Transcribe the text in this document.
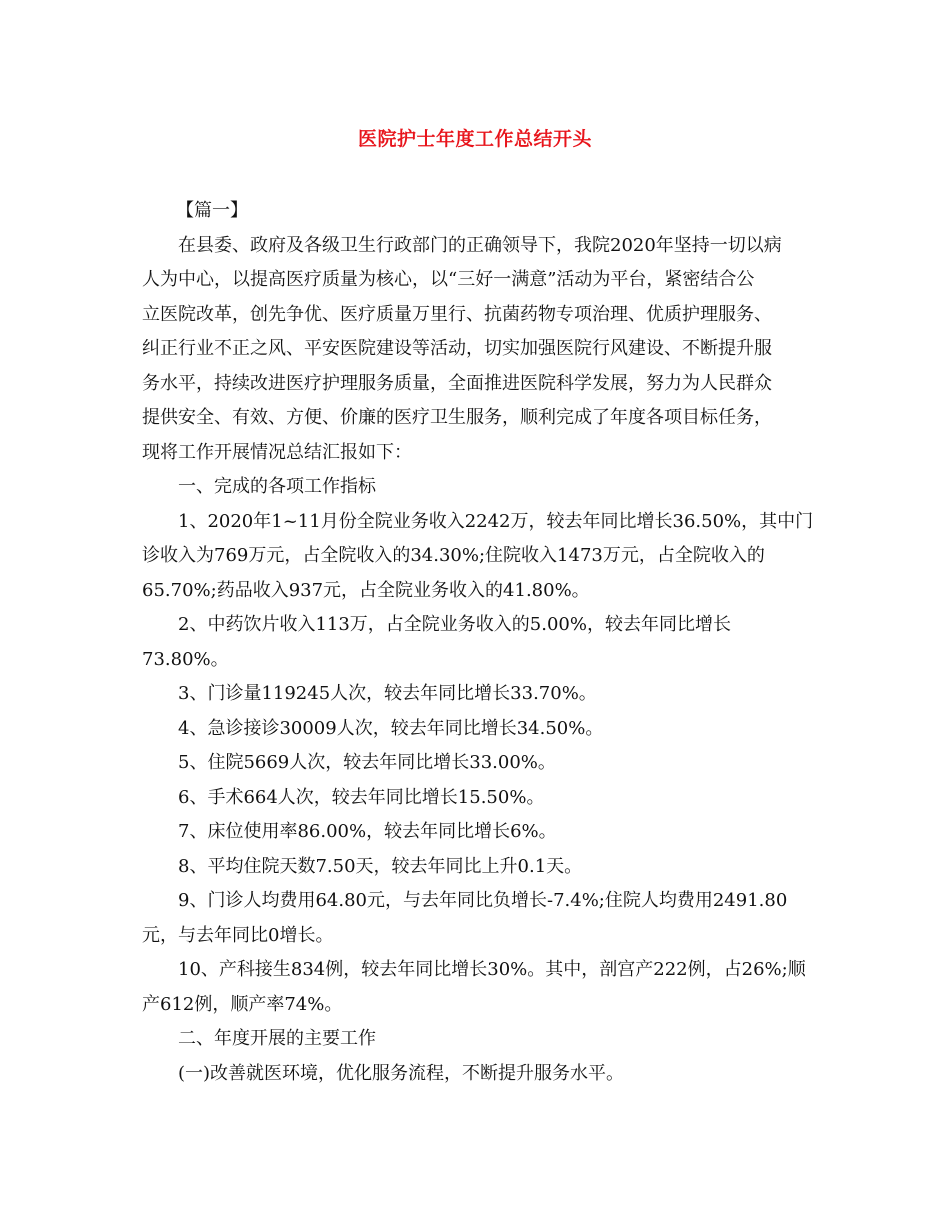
医院护士年度工作总结开头

【篇一】

在县委、政府及各级卫生行政部门的正确领导下，我院2020年坚持一切以病
人为中心，以提高医疗质量为核心，以“三好一满意”活动为平台，紧密结合公
立医院改革，创先争优、医疗质量万里行、抗菌药物专项治理、优质护理服务、
纠正行业不正之风、平安医院建设等活动，切实加强医院行风建设、不断提升服
务水平，持续改进医疗护理服务质量，全面推进医院科学发展，努力为人民群众
提供安全、有效、方便、价廉的医疗卫生服务，顺利完成了年度各项目标任务，
现将工作开展情况总结汇报如下：

一、完成的各项工作指标

1、2020年1~11月份全院业务收入2242万，较去年同比增长36.50%，其中门
诊收入为769万元，占全院收入的34.30%;住院收入1473万元，占全院收入的
65.70%;药品收入937元，占全院业务收入的41.80%。

2、中药饮片收入113万，占全院业务收入的5.00%，较去年同比增长
73.80%。

3、门诊量119245人次，较去年同比增长33.70%。

4、急诊接诊30009人次，较去年同比增长34.50%。

5、住院5669人次，较去年同比增长33.00%。

6、手术664人次，较去年同比增长15.50%。

7、床位使用率86.00%，较去年同比增长6%。

8、平均住院天数7.50天，较去年同比上升0.1天。

9、门诊人均费用64.80元，与去年同比负增长-7.4%;住院人均费用2491.80
元，与去年同比0增长。

10、产科接生834例，较去年同比增长30%。其中，剖宫产222例，占26%;顺
产612例，顺产率74%。

二、年度开展的主要工作

(一)改善就医环境，优化服务流程，不断提升服务水平。
